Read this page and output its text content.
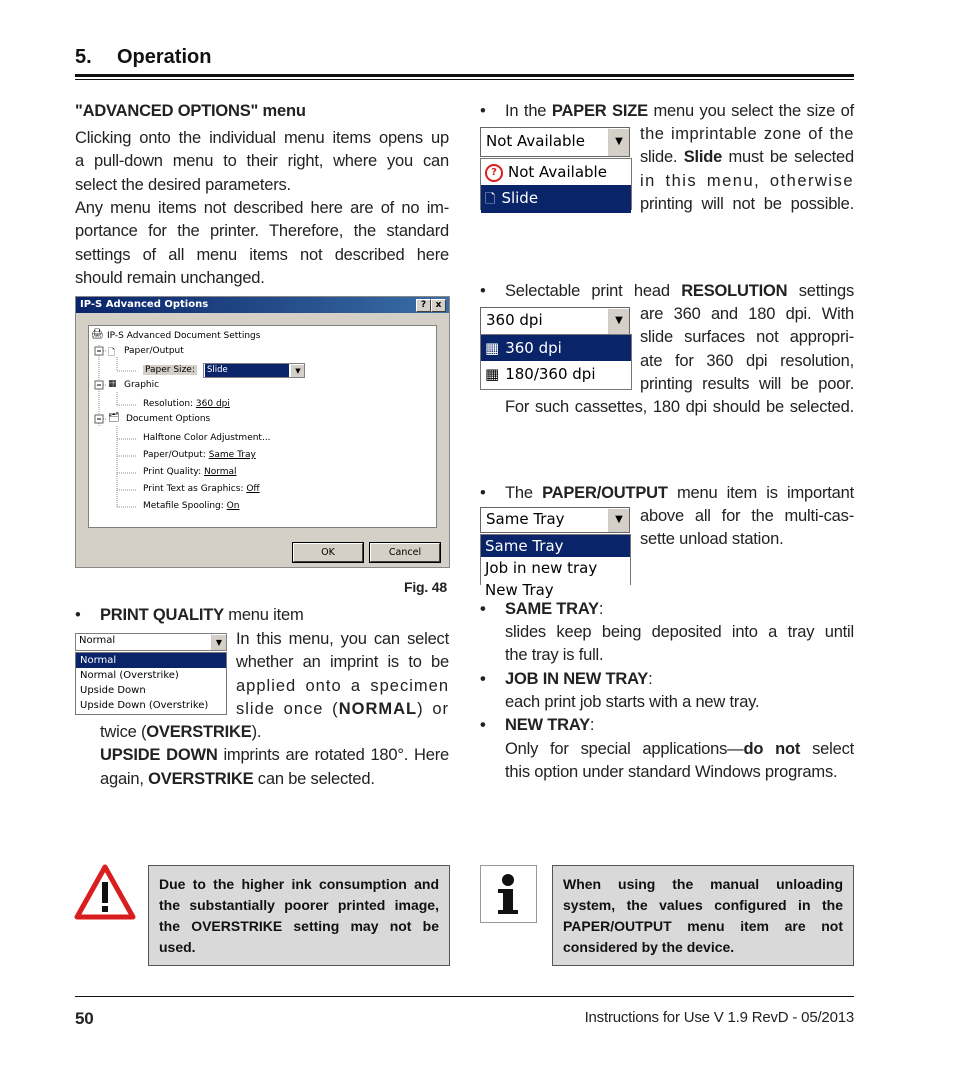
5. Operation
"ADVANCED OPTIONS" menu
Clicking onto the individual menu items opens up
a pull-down menu to their right, where you can
select the desired parameters.
Any menu items not described here are of no im-
portance for the printer. Therefore, the standard
settings of all menu items not described here
should remain unchanged.
IP-S Advanced Options	?	x
🖨 IP-S Advanced Document Settings
🗋 Paper/Output
Paper Size: Slide	▼
▦ Graphic
Resolution: 360 dpi
🗂 Document Options
Halftone Color Adjustment...
Paper/Output: Same Tray
Print Quality: Normal
Print Text as Graphics: Off
Metafile Spooling: On
OK	Cancel
Fig. 48
• PRINT QUALITY menu item
Normal	▼
Normal
Normal (Overstrike)
Upside Down
Upside Down (Overstrike)
In this menu, you can select
whether an imprint is to be
applied onto a specimen
slide once (NORMAL) or
twice (OVERSTRIKE).
UPSIDE DOWN imprints are rotated 180°. Here
again, OVERSTRIKE can be selected.
• In the PAPER SIZE menu you select the size of
Not Available	▼
? Not Available
🗋 Slide
the imprintable zone of the
slide. Slide must be selected
in this menu, otherwise
printing will not be possible.
• Selectable print head RESOLUTION settings
360 dpi	▼
▦ 360 dpi
▦ 180/360 dpi
are 360 and 180 dpi. With
slide surfaces not appropri-
ate for 360 dpi resolution,
printing results will be poor.
For such cassettes, 180 dpi should be selected.
• The PAPER/OUTPUT menu item is important
Same Tray	▼
Same Tray
Job in new tray
New Tray
above all for the multi-cas-
sette unload station.
• SAME TRAY:
slides keep being deposited into a tray until
the tray is full.
• JOB IN NEW TRAY:
each print job starts with a new tray.
• NEW TRAY:
Only for special applications—do not select
this option under standard Windows programs.
Due to the higher ink consumption and the substantially poorer printed image, the OVERSTRIKE setting may not be used.
When using the manual unloading system, the values configured in the PAPER/OUTPUT menu item are not considered by the device.
50	Instructions for Use V 1.9 RevD - 05/2013
